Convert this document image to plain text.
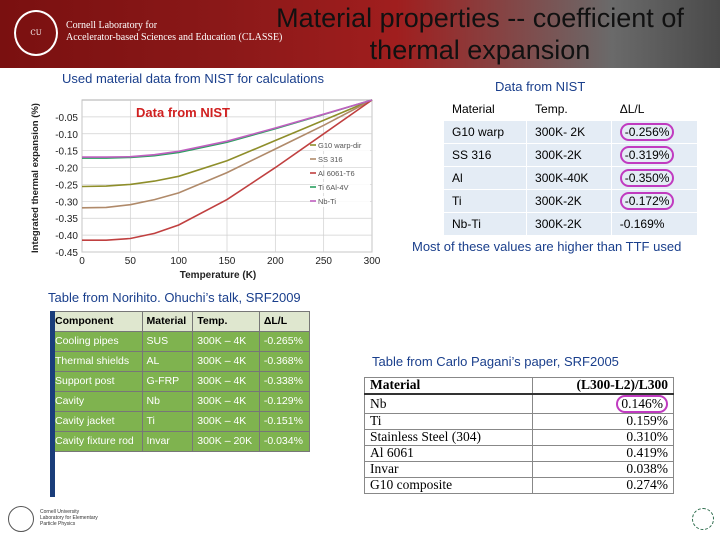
CU
Cornell Laboratory for
Accelerator-based Sciences and Education (CLASSE)
Material properties -- coefficient of thermal expansion
Used material data from NIST for calculations
Data from NIST
Most of these values are higher than TTF used
Table from Norihito. Ohuchi’s talk, SRF2009
Table from Carlo Pagani’s paper, SRF2005
0	50	100	150	200	250	300
-0.05
-0.10
-0.15
-0.20
-0.25
-0.30
-0.35
-0.40
-0.45
G10 warp-dir
SS 316
Al 6061-T6
Ti 6Al-4V
Nb-Ti
Data from NIST
Temperature (K)
Integrated thermal expansion (%)	Material	Temp.	ΔL/L
G10 warp	300K- 2K	-0.256%
SS 316	300K-2K	-0.319%
Al	300K-40K	-0.350%
Ti	300K-2K	-0.172%
Nb-Ti	300K-2K	-0.169%
Component	Material	Temp.	ΔL/L
Cooling pipes	SUS	300K – 4K	-0.265%
Thermal shields	AL	300K – 4K	-0.368%
Support post	G-FRP	300K – 4K	-0.338%
Cavity	Nb	300K – 4K	-0.129%
Cavity jacket	Ti	300K – 4K	-0.151%
Cavity fixture rod	Invar	300K – 20K	-0.034%
Material	(L300-L2)/L300
Nb	0.146%
Ti	0.159%
Stainless Steel (304)	0.310%
Al 6061	0.419%
Invar	0.038%
G10 composite	0.274%
Cornell University
Laboratory for Elementary
Particle Physics
